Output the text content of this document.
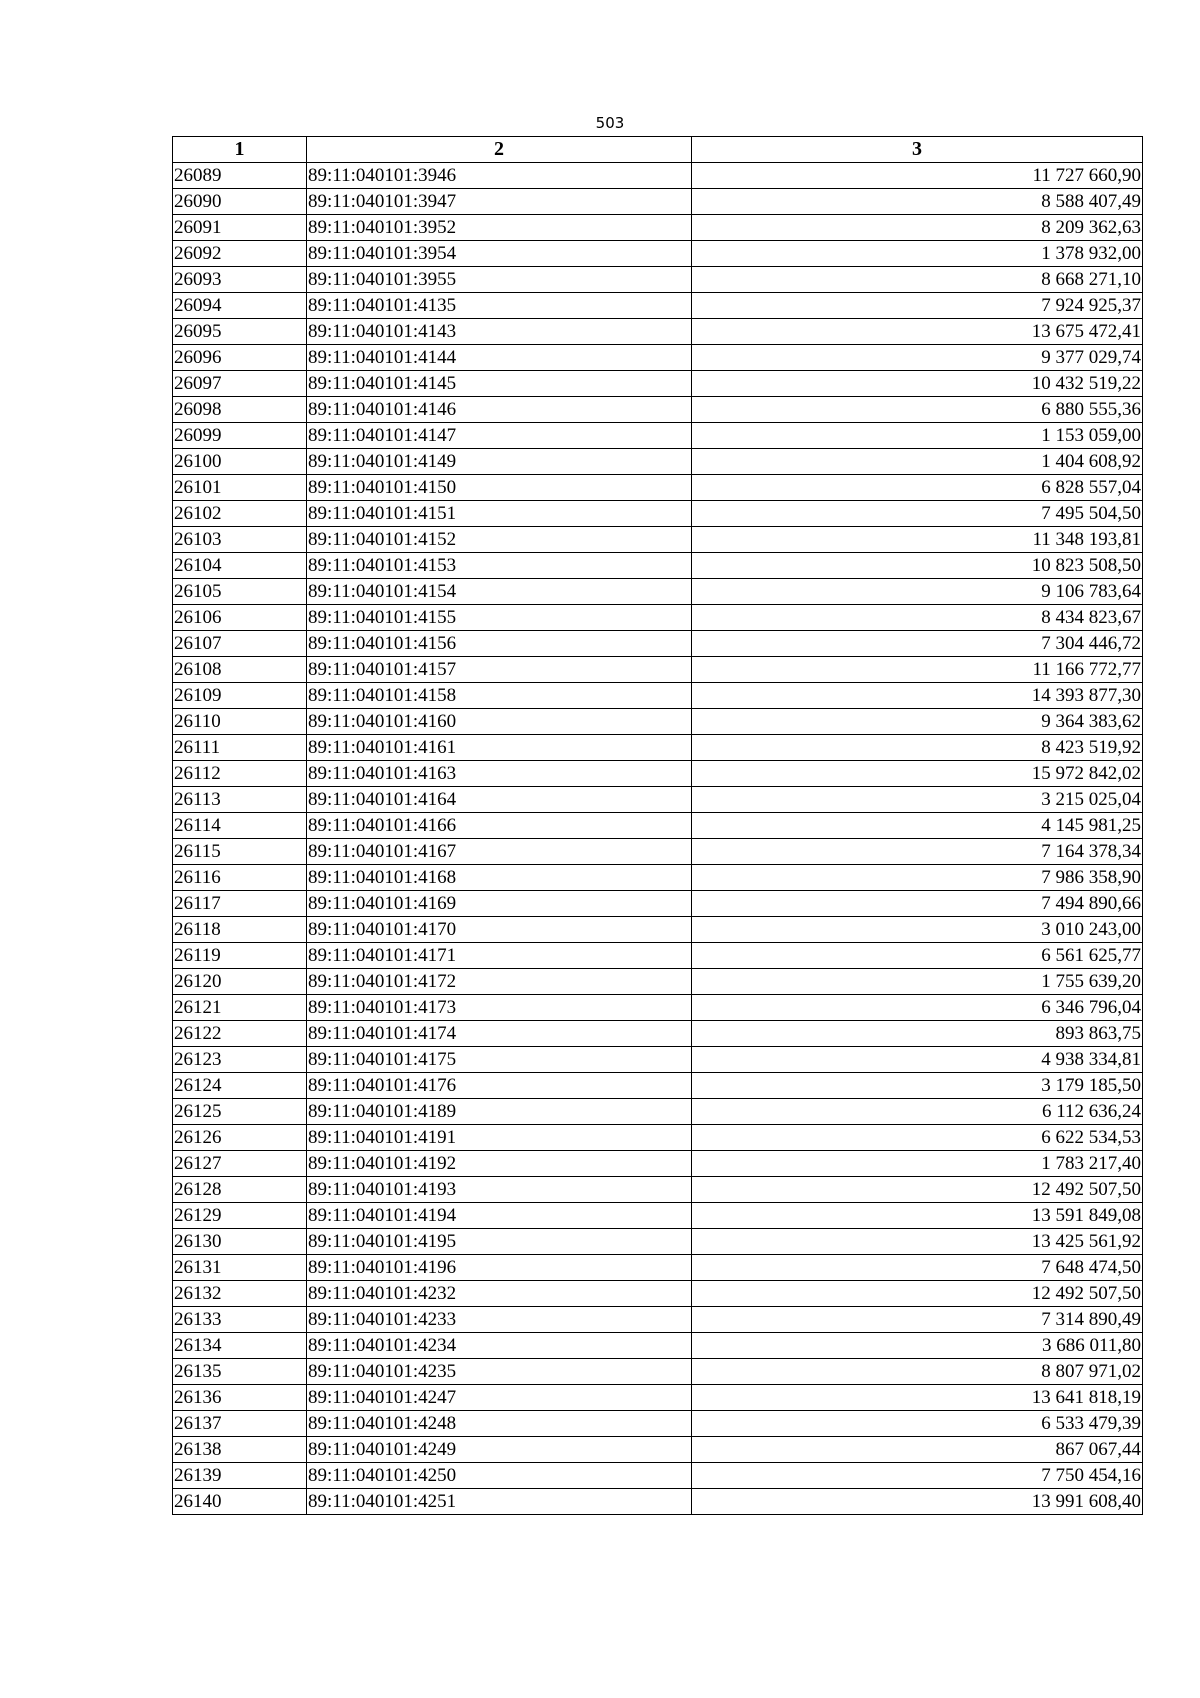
503
1	2	3
26089	89:11:040101:3946	11 727 660,90
26090	89:11:040101:3947	8 588 407,49
26091	89:11:040101:3952	8 209 362,63
26092	89:11:040101:3954	1 378 932,00
26093	89:11:040101:3955	8 668 271,10
26094	89:11:040101:4135	7 924 925,37
26095	89:11:040101:4143	13 675 472,41
26096	89:11:040101:4144	9 377 029,74
26097	89:11:040101:4145	10 432 519,22
26098	89:11:040101:4146	6 880 555,36
26099	89:11:040101:4147	1 153 059,00
26100	89:11:040101:4149	1 404 608,92
26101	89:11:040101:4150	6 828 557,04
26102	89:11:040101:4151	7 495 504,50
26103	89:11:040101:4152	11 348 193,81
26104	89:11:040101:4153	10 823 508,50
26105	89:11:040101:4154	9 106 783,64
26106	89:11:040101:4155	8 434 823,67
26107	89:11:040101:4156	7 304 446,72
26108	89:11:040101:4157	11 166 772,77
26109	89:11:040101:4158	14 393 877,30
26110	89:11:040101:4160	9 364 383,62
26111	89:11:040101:4161	8 423 519,92
26112	89:11:040101:4163	15 972 842,02
26113	89:11:040101:4164	3 215 025,04
26114	89:11:040101:4166	4 145 981,25
26115	89:11:040101:4167	7 164 378,34
26116	89:11:040101:4168	7 986 358,90
26117	89:11:040101:4169	7 494 890,66
26118	89:11:040101:4170	3 010 243,00
26119	89:11:040101:4171	6 561 625,77
26120	89:11:040101:4172	1 755 639,20
26121	89:11:040101:4173	6 346 796,04
26122	89:11:040101:4174	893 863,75
26123	89:11:040101:4175	4 938 334,81
26124	89:11:040101:4176	3 179 185,50
26125	89:11:040101:4189	6 112 636,24
26126	89:11:040101:4191	6 622 534,53
26127	89:11:040101:4192	1 783 217,40
26128	89:11:040101:4193	12 492 507,50
26129	89:11:040101:4194	13 591 849,08
26130	89:11:040101:4195	13 425 561,92
26131	89:11:040101:4196	7 648 474,50
26132	89:11:040101:4232	12 492 507,50
26133	89:11:040101:4233	7 314 890,49
26134	89:11:040101:4234	3 686 011,80
26135	89:11:040101:4235	8 807 971,02
26136	89:11:040101:4247	13 641 818,19
26137	89:11:040101:4248	6 533 479,39
26138	89:11:040101:4249	867 067,44
26139	89:11:040101:4250	7 750 454,16
26140	89:11:040101:4251	13 991 608,40
